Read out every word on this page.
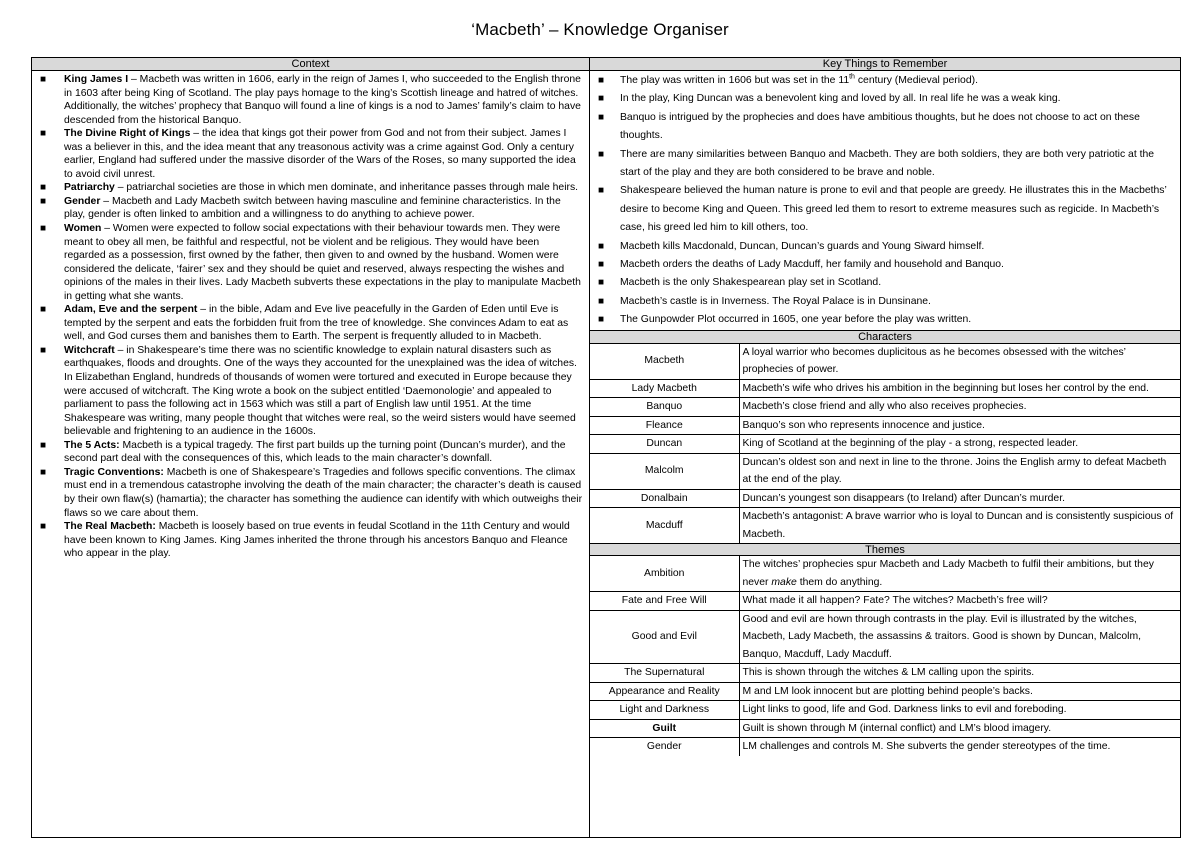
‘Macbeth’ – Knowledge Organiser
Context
■ King James I – Macbeth was written in 1606, early in the reign of James I, who succeeded to the English throne in 1603 after being King of Scotland. The play pays homage to the king’s Scottish lineage and hatred of witches. Additionally, the witches’ prophecy that Banquo will found a line of kings is a nod to James’ family’s claim to have descended from the historical Banquo.
■ The Divine Right of Kings – the idea that kings got their power from God and not from their subject. James I was a believer in this, and the idea meant that any treasonous activity was a crime against God. Only a century earlier, England had suffered under the massive disorder of the Wars of the Roses, so many supported the idea to avoid civil unrest.
■ Patriarchy – patriarchal societies are those in which men dominate, and inheritance passes through male heirs.
■ Gender – Macbeth and Lady Macbeth switch between having masculine and feminine characteristics. In the play, gender is often linked to ambition and a willingness to do anything to achieve power.
■ Women – Women were expected to follow social expectations with their behaviour towards men. They were meant to obey all men, be faithful and respectful, not be violent and be religious. They would have been regarded as a possession, first owned by the father, then given to and owned by the husband. Women were considered the delicate, ‘fairer’ sex and they should be quiet and reserved, always respecting the wishes and opinions of the males in their lives. Lady Macbeth subverts these expectations in the play to manipulate Macbeth in getting what she wants.
■ Adam, Eve and the serpent – in the bible, Adam and Eve live peacefully in the Garden of Eden until Eve is tempted by the serpent and eats the forbidden fruit from the tree of knowledge. She convinces Adam to eat as well, and God curses them and banishes them to Earth. The serpent is frequently alluded to in Macbeth.
■ Witchcraft – in Shakespeare’s time there was no scientific knowledge to explain natural disasters such as earthquakes, floods and droughts. One of the ways they accounted for the unexplained was the idea of witches. In Elizabethan England, hundreds of thousands of women were tortured and executed in Europe because they were accused of witchcraft. The King wrote a book on the subject entitled ‘Daemonologie’ and appealed to parliament to pass the following act in 1563 which was still a part of English law until 1951. At the time Shakespeare was writing, many people thought that witches were real, so the weird sisters would have seemed believable and frightening to an audience in the 1600s.
■ The 5 Acts: Macbeth is a typical tragedy. The first part builds up the turning point (Duncan’s murder), and the second part deal with the consequences of this, which leads to the main character’s downfall.
■ Tragic Conventions: Macbeth is one of Shakespeare’s Tragedies and follows specific conventions. The climax must end in a tremendous catastrophe involving the death of the main character; the character’s death is caused by their own flaw(s) (hamartia); the character has something the audience can identify with which outweighs their flaws so we care about them.
■ The Real Macbeth: Macbeth is loosely based on true events in feudal Scotland in the 11th Century and would have been known to King James. King James inherited the throne through his ancestors Banquo and Fleance who appear in the play.
Key Things to Remember
■ The play was written in 1606 but was set in the 11th century (Medieval period).
■ In the play, King Duncan was a benevolent king and loved by all. In real life he was a weak king.
■ Banquo is intrigued by the prophecies and does have ambitious thoughts, but he does not choose to act on these thoughts.
■ There are many similarities between Banquo and Macbeth. They are both soldiers, they are both very patriotic at the start of the play and they are both considered to be brave and noble.
■ Shakespeare believed the human nature is prone to evil and that people are greedy. He illustrates this in the Macbeths’ desire to become King and Queen. This greed led them to resort to extreme measures such as regicide. In Macbeth’s case, his greed led him to kill others, too.
■ Macbeth kills Macdonald, Duncan, Duncan’s guards and Young Siward himself.
■ Macbeth orders the deaths of Lady Macduff, her family and household and Banquo.
■ Macbeth is the only Shakespearean play set in Scotland.
■ Macbeth’s castle is in Inverness. The Royal Palace is in Dunsinane.
■ The Gunpowder Plot occurred in 1605, one year before the play was written.
Characters
Macbeth	A loyal warrior who becomes duplicitous as he becomes obsessed with the witches’ prophecies of power.
Lady Macbeth	Macbeth’s wife who drives his ambition in the beginning but loses her control by the end.
Banquo	Macbeth’s close friend and ally who also receives prophecies.
Fleance	Banquo’s son who represents innocence and justice.
Duncan	King of Scotland at the beginning of the play - a strong, respected leader.
Malcolm	Duncan’s oldest son and next in line to the throne. Joins the English army to defeat Macbeth at the end of the play.
Donalbain	Duncan’s youngest son disappears (to Ireland) after Duncan’s murder.
Macduff	Macbeth’s antagonist: A brave warrior who is loyal to Duncan and is consistently suspicious of Macbeth.
Themes
Ambition	The witches’ prophecies spur Macbeth and Lady Macbeth to fulfil their ambitions, but they never make them do anything.
Fate and Free Will	What made it all happen? Fate? The witches? Macbeth’s free will?
Good and Evil	Good and evil are hown through contrasts in the play. Evil is illustrated by the witches, Macbeth, Lady Macbeth, the assassins & traitors. Good is shown by Duncan, Malcolm, Banquo, Macduff, Lady Macduff.
The Supernatural	This is shown through the witches & LM calling upon the spirits.
Appearance and Reality	M and LM look innocent but are plotting behind people’s backs.
Light and Darkness	Light links to good, life and God. Darkness links to evil and foreboding.
Guilt	Guilt is shown through M (internal conflict) and LM’s blood imagery.
Gender	LM challenges and controls M. She subverts the gender stereotypes of the time.
